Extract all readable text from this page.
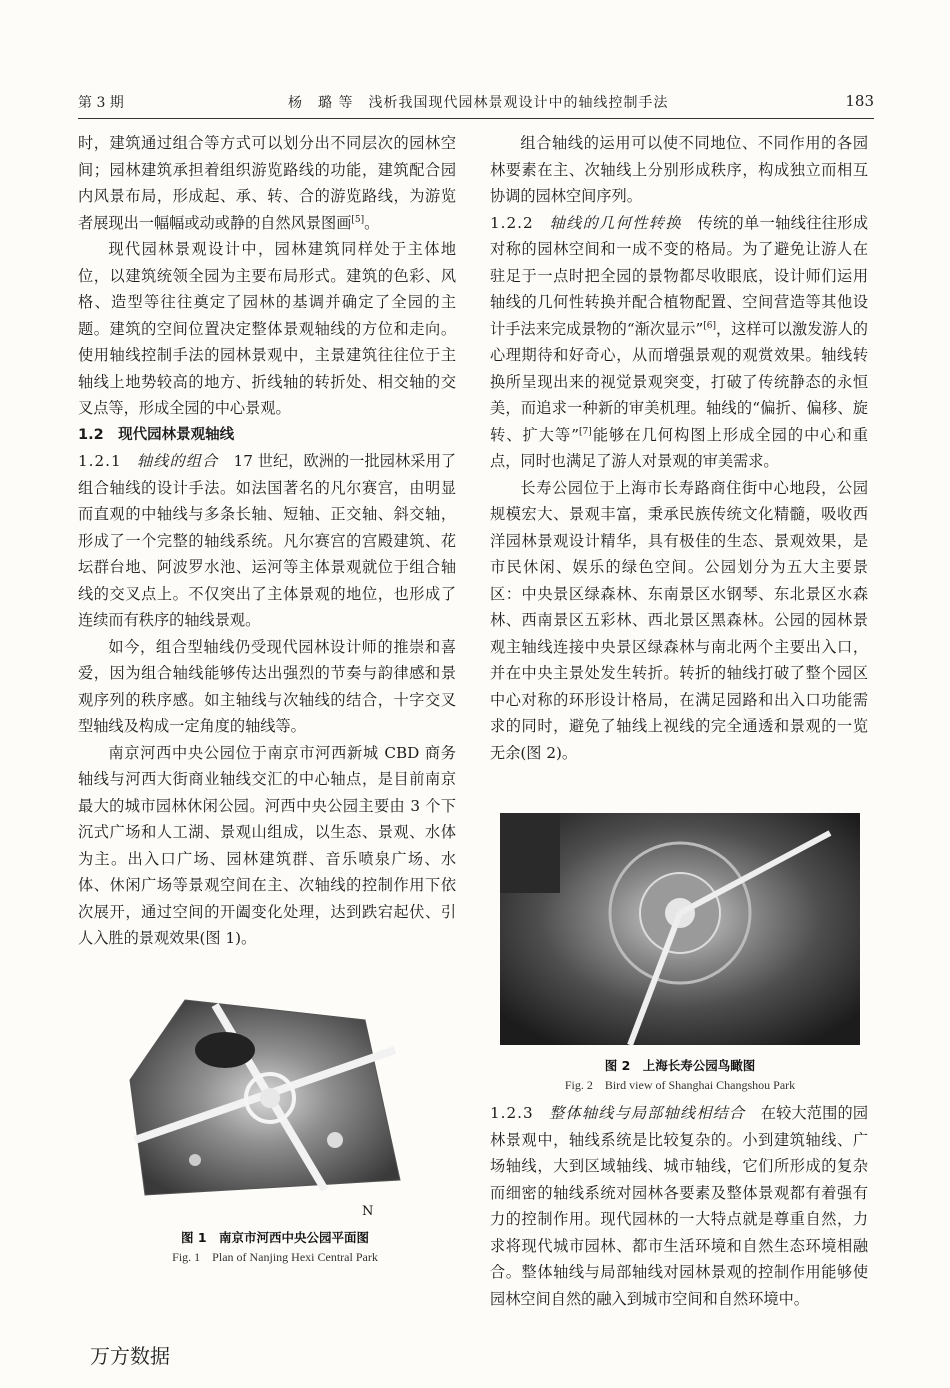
第 3 期	杨　璐 等　浅析我国现代园林景观设计中的轴线控制手法	183

时，建筑通过组合等方式可以划分出不同层次的园林空间；园林建筑承担着组织游览路线的功能，建筑配合园内风景布局，形成起、承、转、合的游览路线，为游览者展现出一幅幅或动或静的自然风景图画[5]。

现代园林景观设计中，园林建筑同样处于主体地位，以建筑统领全园为主要布局形式。建筑的色彩、风格、造型等往往奠定了园林的基调并确定了全园的主题。建筑的空间位置决定整体景观轴线的方位和走向。使用轴线控制手法的园林景观中，主景建筑往往位于主轴线上地势较高的地方、折线轴的转折处、相交轴的交叉点等，形成全园的中心景观。

1.2　现代园林景观轴线

1.2.1　 轴线的组合　 17 世纪，欧洲的一批园林采用了组合轴线的设计手法。如法国著名的凡尔赛宫，由明显而直观的中轴线与多条长轴、短轴、正交轴、斜交轴，形成了一个完整的轴线系统。凡尔赛宫的宫殿建筑、花坛群台地、阿波罗水池、运河等主体景观就位于组合轴线的交叉点上。不仅突出了主体景观的地位，也形成了连续而有秩序的轴线景观。

如今，组合型轴线仍受现代园林设计师的推崇和喜爱，因为组合轴线能够传达出强烈的节奏与韵律感和景观序列的秩序感。如主轴线与次轴线的结合，十字交叉型轴线及构成一定角度的轴线等。

南京河西中央公园位于南京市河西新城 CBD 商务轴线与河西大街商业轴线交汇的中心轴点，是目前南京最大的城市园林休闲公园。河西中央公园主要由 3 个下沉式广场和人工湖、景观山组成，以生态、景观、水体为主。出入口广场、园林建筑群、音乐喷泉广场、水体、休闲广场等景观空间在主、次轴线的控制作用下依次展开，通过空间的开阖变化处理，达到跌宕起伏、引人入胜的景观效果(图 1)。

组合轴线的运用可以使不同地位、不同作用的各园林要素在主、次轴线上分别形成秩序，构成独立而相互协调的园林空间序列。

1.2.2　 轴线的几何性转换　 传统的单一轴线往往形成对称的园林空间和一成不变的格局。为了避免让游人在驻足于一点时把全园的景物都尽收眼底，设计师们运用轴线的几何性转换并配合植物配置、空间营造等其他设计手法来完成景物的“渐次显示”[6]，这样可以激发游人的心理期待和好奇心，从而增强景观的观赏效果。轴线转换所呈现出来的视觉景观突变，打破了传统静态的永恒美，而追求一种新的审美机理。轴线的“偏折、偏移、旋转、扩大等”[7]能够在几何构图上形成全园的中心和重点，同时也满足了游人对景观的审美需求。

长寿公园位于上海市长寿路商住街中心地段，公园规模宏大、景观丰富，秉承民族传统文化精髓，吸收西洋园林景观设计精华，具有极佳的生态、景观效果，是市民休闲、娱乐的绿色空间。公园划分为五大主要景区：中央景区绿森林、东南景区水钢琴、东北景区水森林、西南景区五彩林、西北景区黑森林。公园的园林景观主轴线连接中央景区绿森林与南北两个主要出入口，并在中央主景处发生转折。转折的轴线打破了整个园区中心对称的环形设计格局，在满足园路和出入口功能需求的同时，避免了轴线上视线的完全通透和景观的一览无余(图 2)。

1.2.3　 整体轴线与局部轴线相结合　 在较大范围的园林景观中，轴线系统是比较复杂的。小到建筑轴线、广场轴线，大到区域轴线、城市轴线，它们所形成的复杂而细密的轴线系统对园林各要素及整体景观都有着强有力的控制作用。现代园林的一大特点就是尊重自然，力求将现代城市园林、都市生活环境和自然生态环境相融合。整体轴线与局部轴线对园林景观的控制作用能够使园林空间自然的融入到城市空间和自然环境中。

N
图 1　南京市河西中央公园平面图
Fig. 1　Plan of Nanjing Hexi Central Park
图 2　上海长寿公园鸟瞰图
Fig. 2　Bird view of Shanghai Changshou Park
万方数据
